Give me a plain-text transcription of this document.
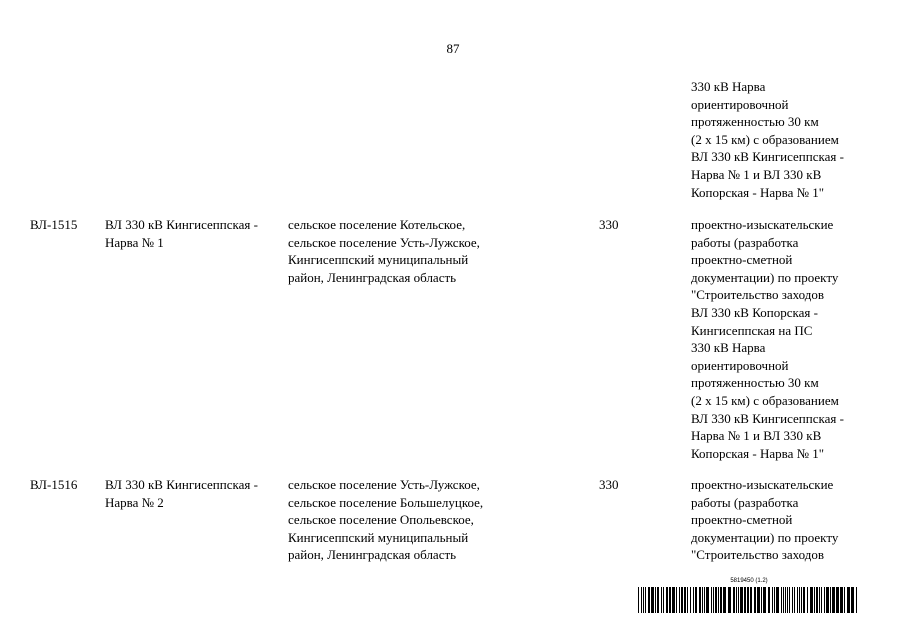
87
330 кВ Нарва
ориентировочной
протяженностью 30 км
(2 х 15 км) с образованием
ВЛ 330 кВ Кингисеппская -
Нарва № 1 и ВЛ 330 кВ
Копорская - Нарва № 1"
ВЛ-1515 ВЛ 330 кВ Кингисеппская -
Нарва № 1
сельское поселение Котельское,
сельское поселение Усть-Лужское,
Кингисеппский муниципальный
район, Ленинградская область
330	проектно-изыскательские
работы (разработка
проектно-сметной
документации) по проекту
"Строительство заходов
ВЛ 330 кВ Копорская -
Кингисеппская на ПС
330 кВ Нарва
ориентировочной
протяженностью 30 км
(2 х 15 км) с образованием
ВЛ 330 кВ Кингисеппская -
Нарва № 1 и ВЛ 330 кВ
Копорская - Нарва № 1"
ВЛ-1516 ВЛ 330 кВ Кингисеппская -
Нарва № 2
сельское поселение Усть-Лужское,
сельское поселение Большелуцкое,
сельское поселение Опольевское,
Кингисеппский муниципальный
район, Ленинградская область
330	проектно-изыскательские
работы (разработка
проектно-сметной
документации) по проекту
"Строительство заходов
5819450 (1.2)
